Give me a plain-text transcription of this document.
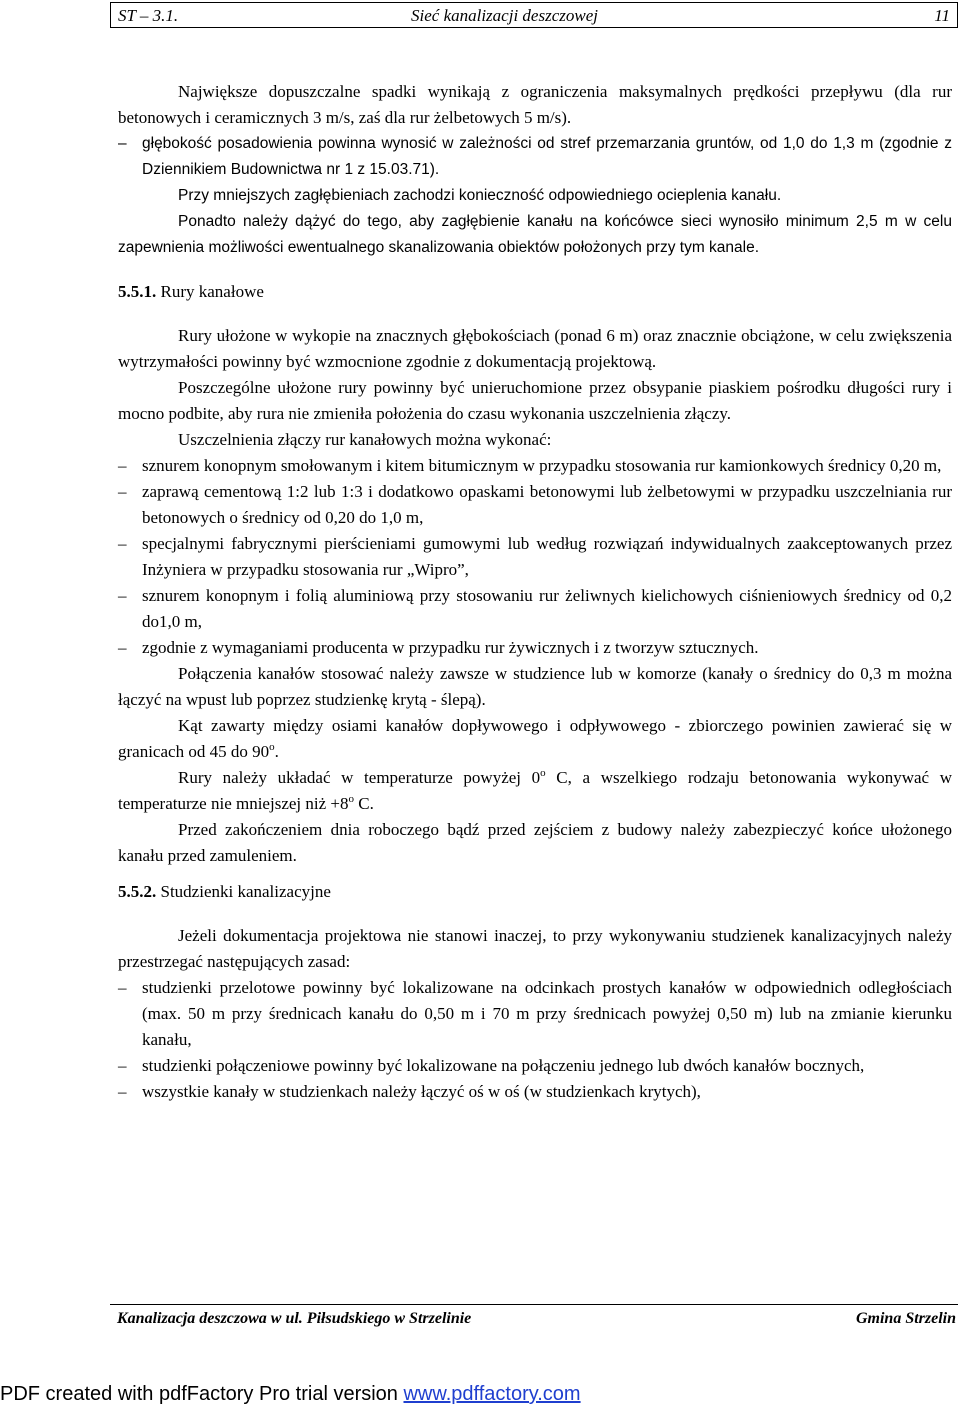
ST – 3.1.	Sieć kanalizacji deszczowej	11

Największe dopuszczalne spadki wynikają z ograniczenia maksymalnych prędkości przepływu (dla rur betonowych i ceramicznych 3 m/s, zaś dla rur żelbetowych 5 m/s).

– głębokość posadowienia powinna wynosić w zależności od stref przemarzania gruntów, od 1,0 do 1,3 m (zgodnie z Dziennikiem Budownictwa nr 1 z 15.03.71).

Przy mniejszych zagłębieniach zachodzi konieczność odpowiedniego ocieplenia kanału.

Ponadto należy dążyć do tego, aby zagłębienie kanału na końcówce sieci wynosiło minimum 2,5 m w celu zapewnienia możliwości ewentualnego skanalizowania obiektów położonych przy tym kanale.

5.5.1. Rury kanałowe

Rury ułożone w wykopie na znacznych głębokościach (ponad 6 m) oraz znacznie obciążone, w celu zwiększenia wytrzymałości powinny być wzmocnione zgodnie z dokumentacją projektową.

Poszczególne ułożone rury powinny być unieruchomione przez obsypanie piaskiem pośrodku długości rury i mocno podbite, aby rura nie zmieniła położenia do czasu wykonania uszczelnienia złączy.

Uszczelnienia złączy rur kanałowych można wykonać:

– sznurem konopnym smołowanym i kitem bitumicznym w przypadku stosowania rur kamionkowych średnicy 0,20 m,
– zaprawą cementową 1:2 lub 1:3 i dodatkowo opaskami betonowymi lub żelbetowymi w przypadku uszczelniania rur betonowych o średnicy od 0,20 do 1,0 m,
– specjalnymi fabrycznymi pierścieniami gumowymi lub według rozwiązań indywidualnych zaakceptowanych przez Inżyniera w przypadku stosowania rur „Wipro”,
– sznurem konopnym i folią aluminiową przy stosowaniu rur żeliwnych kielichowych ciśnieniowych średnicy od 0,2 do1,0 m,
– zgodnie z wymaganiami producenta w przypadku rur żywicznych i z tworzyw sztucznych.

Połączenia kanałów stosować należy zawsze w studzience lub w komorze (kanały o średnicy do 0,3 m można łączyć na wpust lub poprzez studzienkę krytą - ślepą).

Kąt zawarty między osiami kanałów dopływowego i odpływowego - zbiorczego powinien zawierać się w granicach od 45 do 90$^o$.

Rury należy układać w temperaturze powyżej 0$^o$ C, a wszelkiego rodzaju betonowania wykonywać w temperaturze nie mniejszej niż $+8^o$ C.

Przed zakończeniem dnia roboczego bądź przed zejściem z budowy należy zabezpieczyć końce ułożonego kanału przed zamuleniem.

5.5.2. Studzienki kanalizacyjne

Jeżeli dokumentacja projektowa nie stanowi inaczej, to przy wykonywaniu studzienek kanalizacyjnych należy przestrzegać następujących zasad:

– studzienki przelotowe powinny być lokalizowane na odcinkach prostych kanałów w odpowiednich odległościach (max. 50 m przy średnicach kanału do 0,50 m i 70 m przy średnicach powyżej 0,50 m) lub na zmianie kierunku kanału,
– studzienki połączeniowe powinny być lokalizowane na połączeniu jednego lub dwóch kanałów bocznych,
– wszystkie kanały w studzienkach należy łączyć oś w oś (w studzienkach krytych),
Kanalizacja deszczowa w ul. Piłsudskiego w Strzelinie	Gmina Strzelin
PDF created with pdfFactory Pro trial version www.pdffactory.com
